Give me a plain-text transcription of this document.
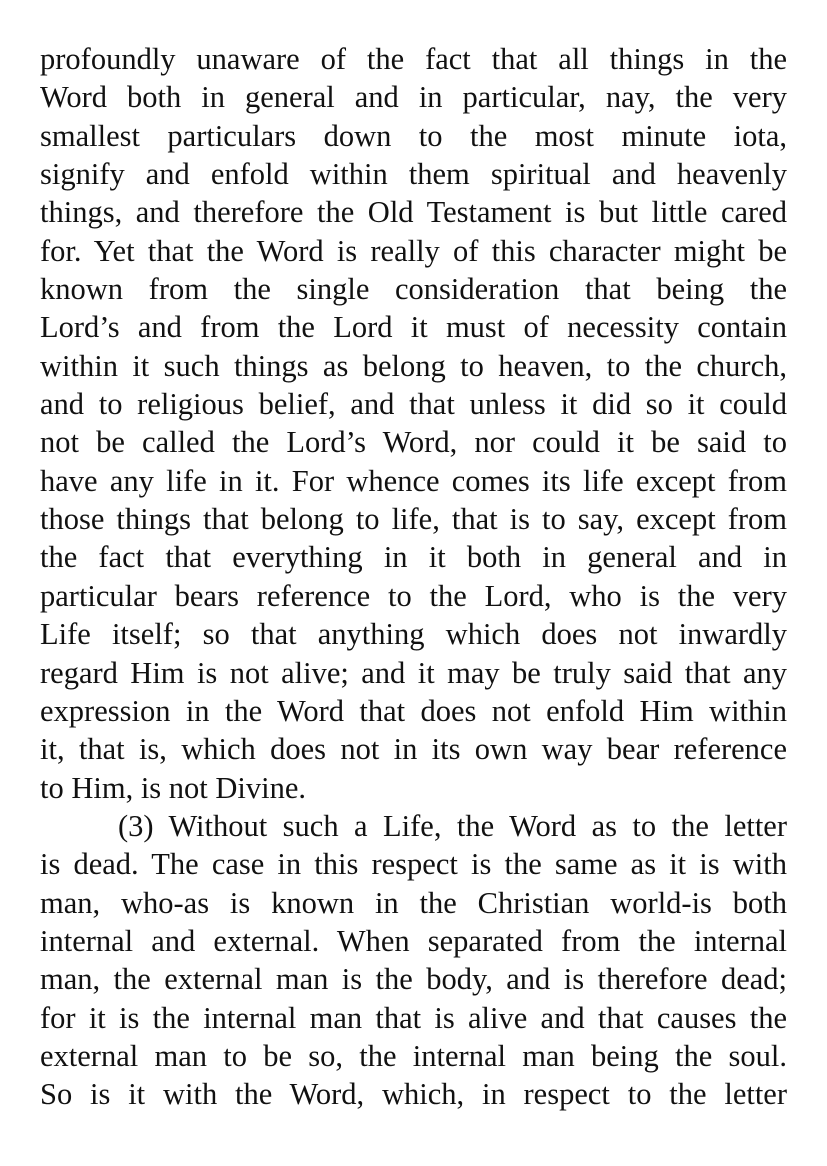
profoundly unaware of the fact that all things in the
Word both in general and in particular, nay, the very
smallest particulars down to the most minute iota,
signify and enfold within them spiritual and heavenly
things, and therefore the Old Testament is but little cared
for. Yet that the Word is really of this character might be
known from the single consideration that being the
Lord’s and from the Lord it must of necessity contain
within it such things as belong to heaven, to the church,
and to religious belief, and that unless it did so it could
not be called the Lord’s Word, nor could it be said to
have any life in it. For whence comes its life except from
those things that belong to life, that is to say, except from
the fact that everything in it both in general and in
particular bears reference to the Lord, who is the very
Life itself; so that anything which does not inwardly
regard Him is not alive; and it may be truly said that any
expression in the Word that does not enfold Him within
it, that is, which does not in its own way bear reference
to Him, is not Divine.
(3) Without such a Life, the Word as to the letter
is dead. The case in this respect is the same as it is with
man, who-as is known in the Christian world-is both
internal and external. When separated from the internal
man, the external man is the body, and is therefore dead;
for it is the internal man that is alive and that causes the
external man to be so, the internal man being the soul.
So is it with the Word, which, in respect to the letter
